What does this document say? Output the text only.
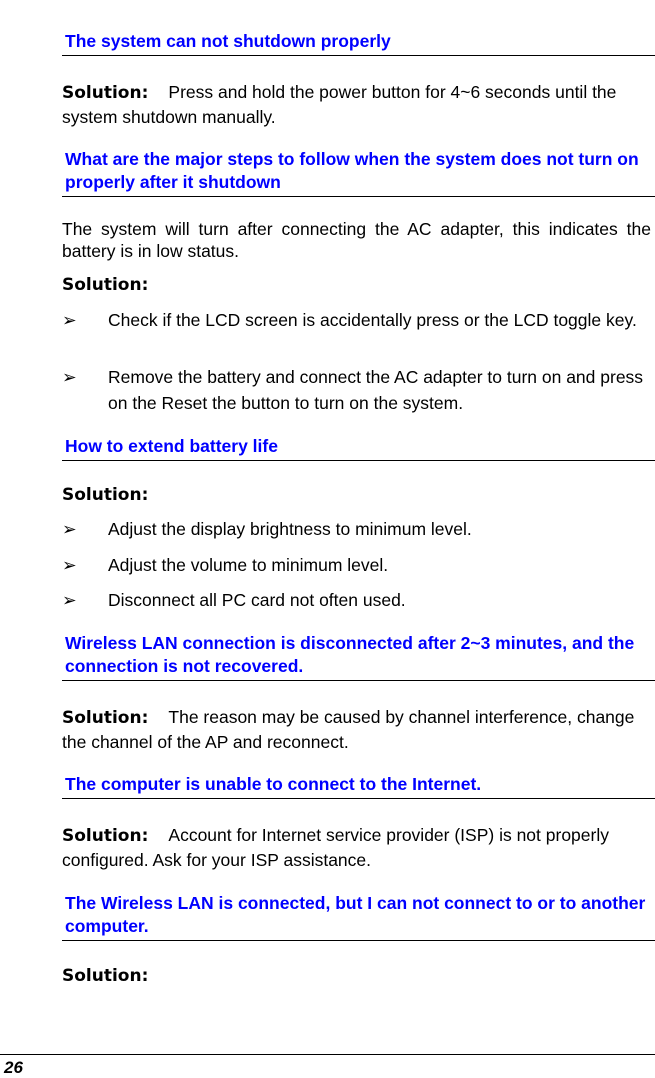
The system can not shutdown properly
Solution: Press and hold the power button for 4~6 seconds until the system shutdown manually.
What are the major steps to follow when the system does not turn on properly after it shutdown
The system will turn after connecting the AC adapter, this indicates the battery is in low status.
Solution:
➢	Check if the LCD screen is accidentally press or the LCD toggle key.
➢	Remove the battery and connect the AC adapter to turn on and press on the Reset the button to turn on the system.
How to extend battery life
Solution:
➢	Adjust the display brightness to minimum level.
➢	Adjust the volume to minimum level.
➢	Disconnect all PC card not often used.
Wireless LAN connection is disconnected after 2~3 minutes, and the connection is not recovered.
Solution: The reason may be caused by channel interference, change the channel of the AP and reconnect.
The computer is unable to connect to the Internet.
Solution: Account for Internet service provider (ISP) is not properly configured. Ask for your ISP assistance.
The Wireless LAN is connected, but I can not connect to or to another computer.
Solution:
26
